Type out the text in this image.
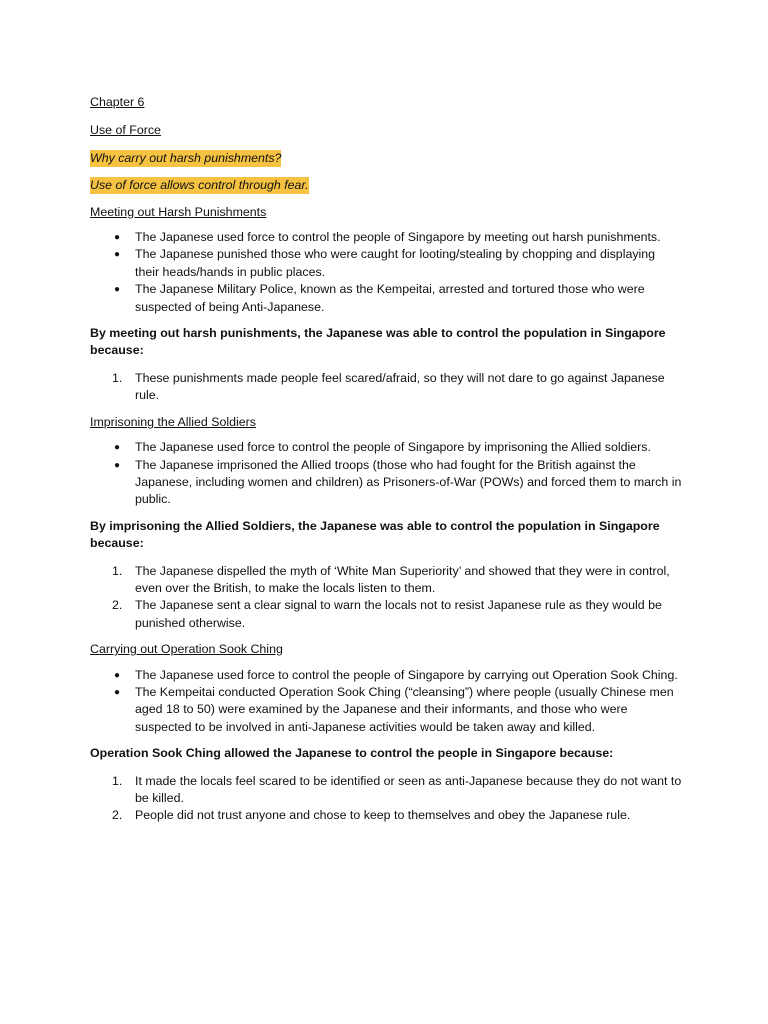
Chapter 6

Use of Force

Why carry out harsh punishments?

Use of force allows control through fear.

Meeting out Harsh Punishments

● The Japanese used force to control the people of Singapore by meeting out harsh punishments.
● The Japanese punished those who were caught for looting/stealing by chopping and displaying their heads/hands in public places.
● The Japanese Military Police, known as the Kempeitai, arrested and tortured those who were suspected of being Anti-Japanese.

By meeting out harsh punishments, the Japanese was able to control the population in Singapore because:

1. These punishments made people feel scared/afraid, so they will not dare to go against Japanese rule.

Imprisoning the Allied Soldiers

● The Japanese used force to control the people of Singapore by imprisoning the Allied soldiers.
● The Japanese imprisoned the Allied troops (those who had fought for the British against the Japanese, including women and children) as Prisoners-of-War (POWs) and forced them to march in public.

By imprisoning the Allied Soldiers, the Japanese was able to control the population in Singapore because:

1. The Japanese dispelled the myth of ‘White Man Superiority’ and showed that they were in control, even over the British, to make the locals listen to them.
2. The Japanese sent a clear signal to warn the locals not to resist Japanese rule as they would be punished otherwise.

Carrying out Operation Sook Ching

● The Japanese used force to control the people of Singapore by carrying out Operation Sook Ching.
● The Kempeitai conducted Operation Sook Ching (“cleansing”) where people (usually Chinese men aged 18 to 50) were examined by the Japanese and their informants, and those who were suspected to be involved in anti-Japanese activities would be taken away and killed.

Operation Sook Ching allowed the Japanese to control the people in Singapore because:

1. It made the locals feel scared to be identified or seen as anti-Japanese because they do not want to be killed.
2. People did not trust anyone and chose to keep to themselves and obey the Japanese rule.
